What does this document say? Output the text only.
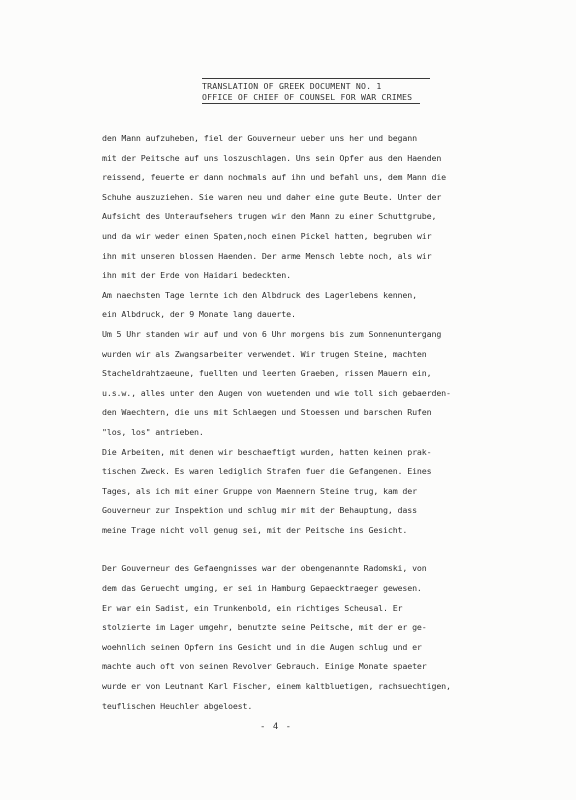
TRANSLATION OF GREEK DOCUMENT NO. 1
OFFICE OF CHIEF OF COUNSEL FOR WAR CRIMES

den Mann aufzuheben, fiel der Gouverneur ueber uns her und begann

mit der Peitsche auf uns loszuschlagen. Uns sein Opfer aus den Haenden

reissend, feuerte er dann nochmals auf ihn und befahl uns, dem Mann die

Schuhe auszuziehen. Sie waren neu und daher eine gute Beute. Unter der

Aufsicht des Unteraufsehers trugen wir den Mann zu einer Schuttgrube,

und da wir weder einen Spaten,noch einen Pickel hatten, begruben wir

ihn mit unseren blossen Haenden. Der arme Mensch lebte noch, als wir

ihn mit der Erde von Haidari bedeckten.

Am naechsten Tage lernte ich den Albdruck des Lagerlebens kennen,

ein Albdruck, der 9 Monate lang dauerte.

Um 5 Uhr standen wir auf und von 6 Uhr morgens bis zum Sonnenuntergang

wurden wir als Zwangsarbeiter verwendet. Wir trugen Steine, machten

Stacheldrahtzaeune, fuellten und leerten Graeben, rissen Mauern ein,

u.s.w., alles unter den Augen von wuetenden und wie toll sich gebaerden-

den Waechtern, die uns mit Schlaegen und Stoessen und barschen Rufen

"los, los" antrieben.

Die Arbeiten, mit denen wir beschaeftigt wurden, hatten keinen prak-

tischen Zweck. Es waren lediglich Strafen fuer die Gefangenen. Eines

Tages, als ich mit einer Gruppe von Maennern Steine trug, kam der

Gouverneur zur Inspektion und schlug mir mit der Behauptung, dass

meine Trage nicht voll genug sei, mit der Peitsche ins Gesicht.

Der Gouverneur des Gefaengnisses war der obengenannte Radomski, von

dem das Geruecht umging, er sei in Hamburg Gepaecktraeger gewesen.

Er war ein Sadist, ein Trunkenbold, ein richtiges Scheusal. Er

stolzierte im Lager umgehr, benutzte seine Peitsche, mit der er ge-

woehnlich seinen Opfern ins Gesicht und in die Augen schlug und er

machte auch oft von seinen Revolver Gebrauch. Einige Monate spaeter

wurde er von Leutnant Karl Fischer, einem kaltbluetigen, rachsuechtigen,

teuflischen Heuchler abgeloest.

- 4 -
